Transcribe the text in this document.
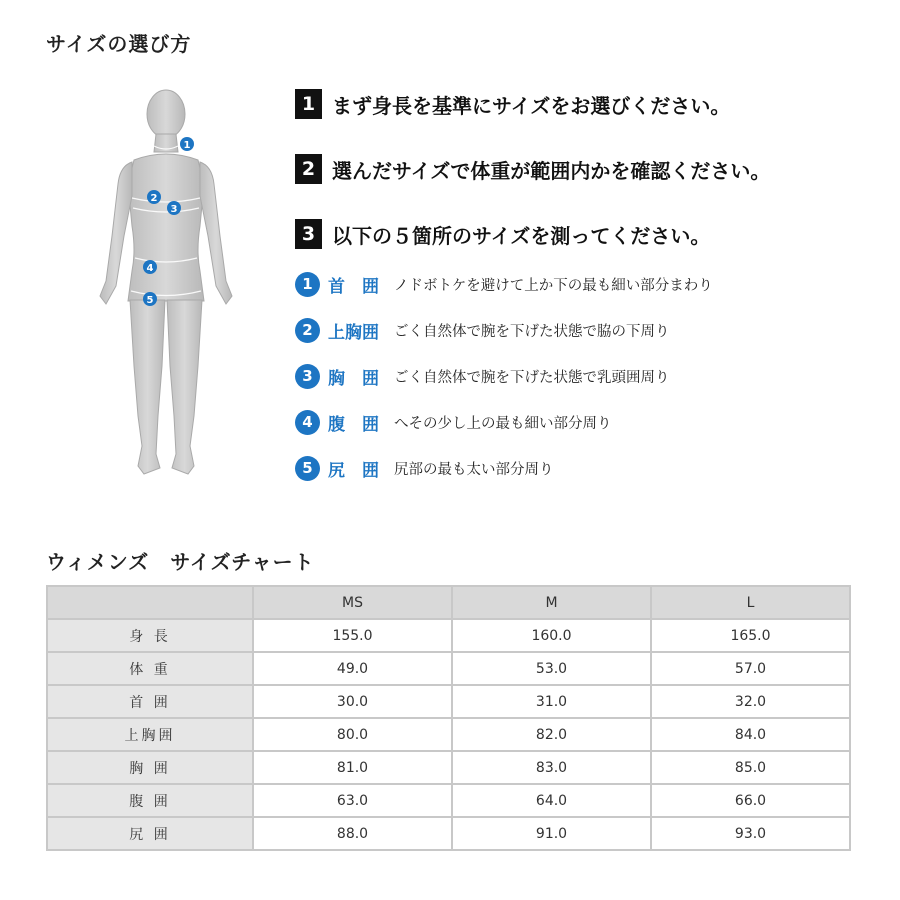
サイズの選び方
1
2
3
4
5
1 まず身長を基準にサイズをお選びください。
2 選んだサイズで体重が範囲内かを確認ください。
3 以下の５箇所のサイズを測ってください。
1 首　囲	ノドボトケを避けて上か下の最も細い部分まわり
2 上胸囲	ごく自然体で腕を下げた状態で脇の下周り
3 胸　囲	ごく自然体で腕を下げた状態で乳頭囲周り
4 腹　囲	へその少し上の最も細い部分周り
5 尻　囲	尻部の最も太い部分周り
ウィメンズ　サイズチャート
	MS	M	L
身 長	155.0	160.0	165.0
体 重	49.0	53.0	57.0
首 囲	30.0	31.0	32.0
上胸囲	80.0	82.0	84.0
胸 囲	81.0	83.0	85.0
腹 囲	63.0	64.0	66.0
尻 囲	88.0	91.0	93.0
